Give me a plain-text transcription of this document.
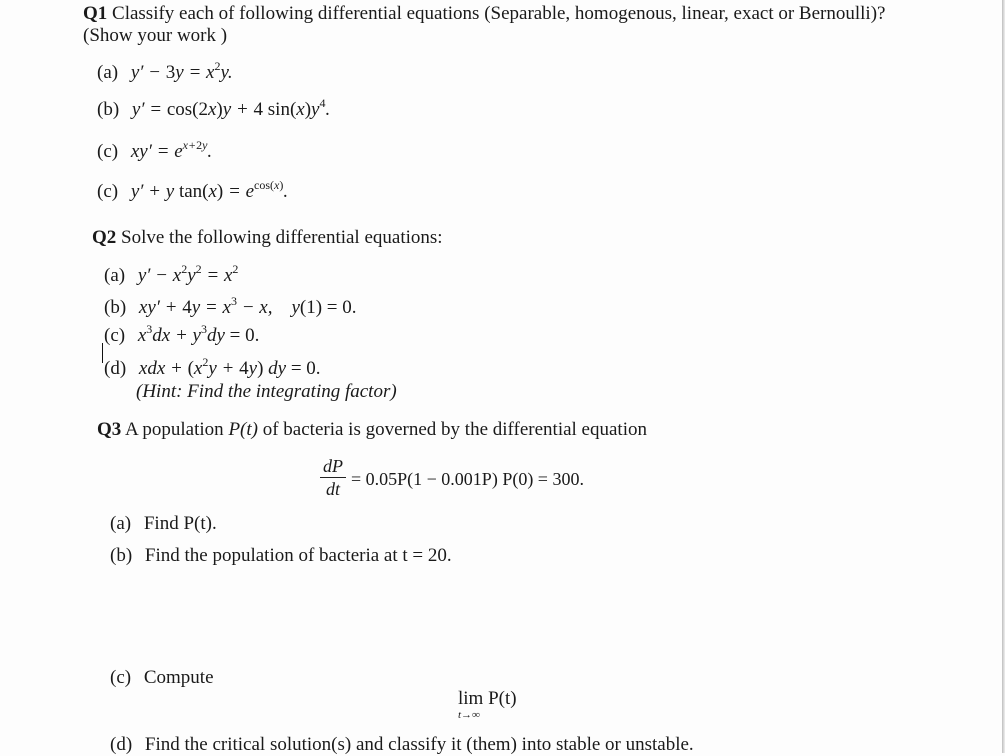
Q1 Classify each of following differential equations (Separable, homogenous, linear, exact or Bernoulli)?
(Show your work )
(a) $y' - 3y = x^2y$.
(b) y′ = cos(2x)y + 4 $\sin(x)y^4$.
(c) $xy' = e^{x+2y}$.
(c) y′ + y $\tan(x) = e^{cos(x)}$.
Q2 Solve the following differential equations:
(a) $y' - x^2y^2 = x^2$
(b) $xy' + 4y = x^3 - x$,    y(1) = 0.
(c) $x^3dx + y^3dy = 0$.
(d) xdx + $(x^2y + 4y)$ dy = 0.
(Hint: Find the integrating factor)
Q3 A population P(t) of bacteria is governed by the differential equation
dP
dt = 0.05P(1 − 0.001P) P(0) = 300.
(a) Find P(t).
(b) Find the population of bacteria at t = 20.
(c) Compute
lim P(t)
t→∞
(d) Find the critical solution(s) and classify it (them) into stable or unstable.
